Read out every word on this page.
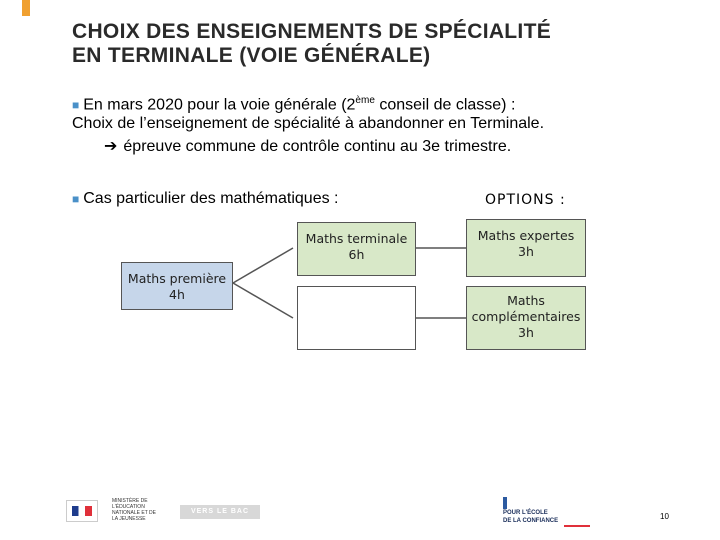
CHOIX DES ENSEIGNEMENTS DE SPÉCIALITÉ
EN TERMINALE (VOIE GÉNÉRALE)
■ En mars 2020 pour la voie générale (2ème conseil de classe) :
Choix de l’enseignement de spécialité à abandonner en Terminale.
➔ épreuve commune de contrôle continu au 3e trimestre.
■ Cas particulier des mathématiques :	OPTIONS :
Maths première
4h
Maths terminale
6h
Maths expertes
3h
Maths
complémentaires
3h
MINISTÈRE DE L'ÉDUCATION NATIONALE ET DE LA JEUNESSE
VERS LE BAC 2021
POUR L'ÉCOLE
DE LA CONFIANCE	10
